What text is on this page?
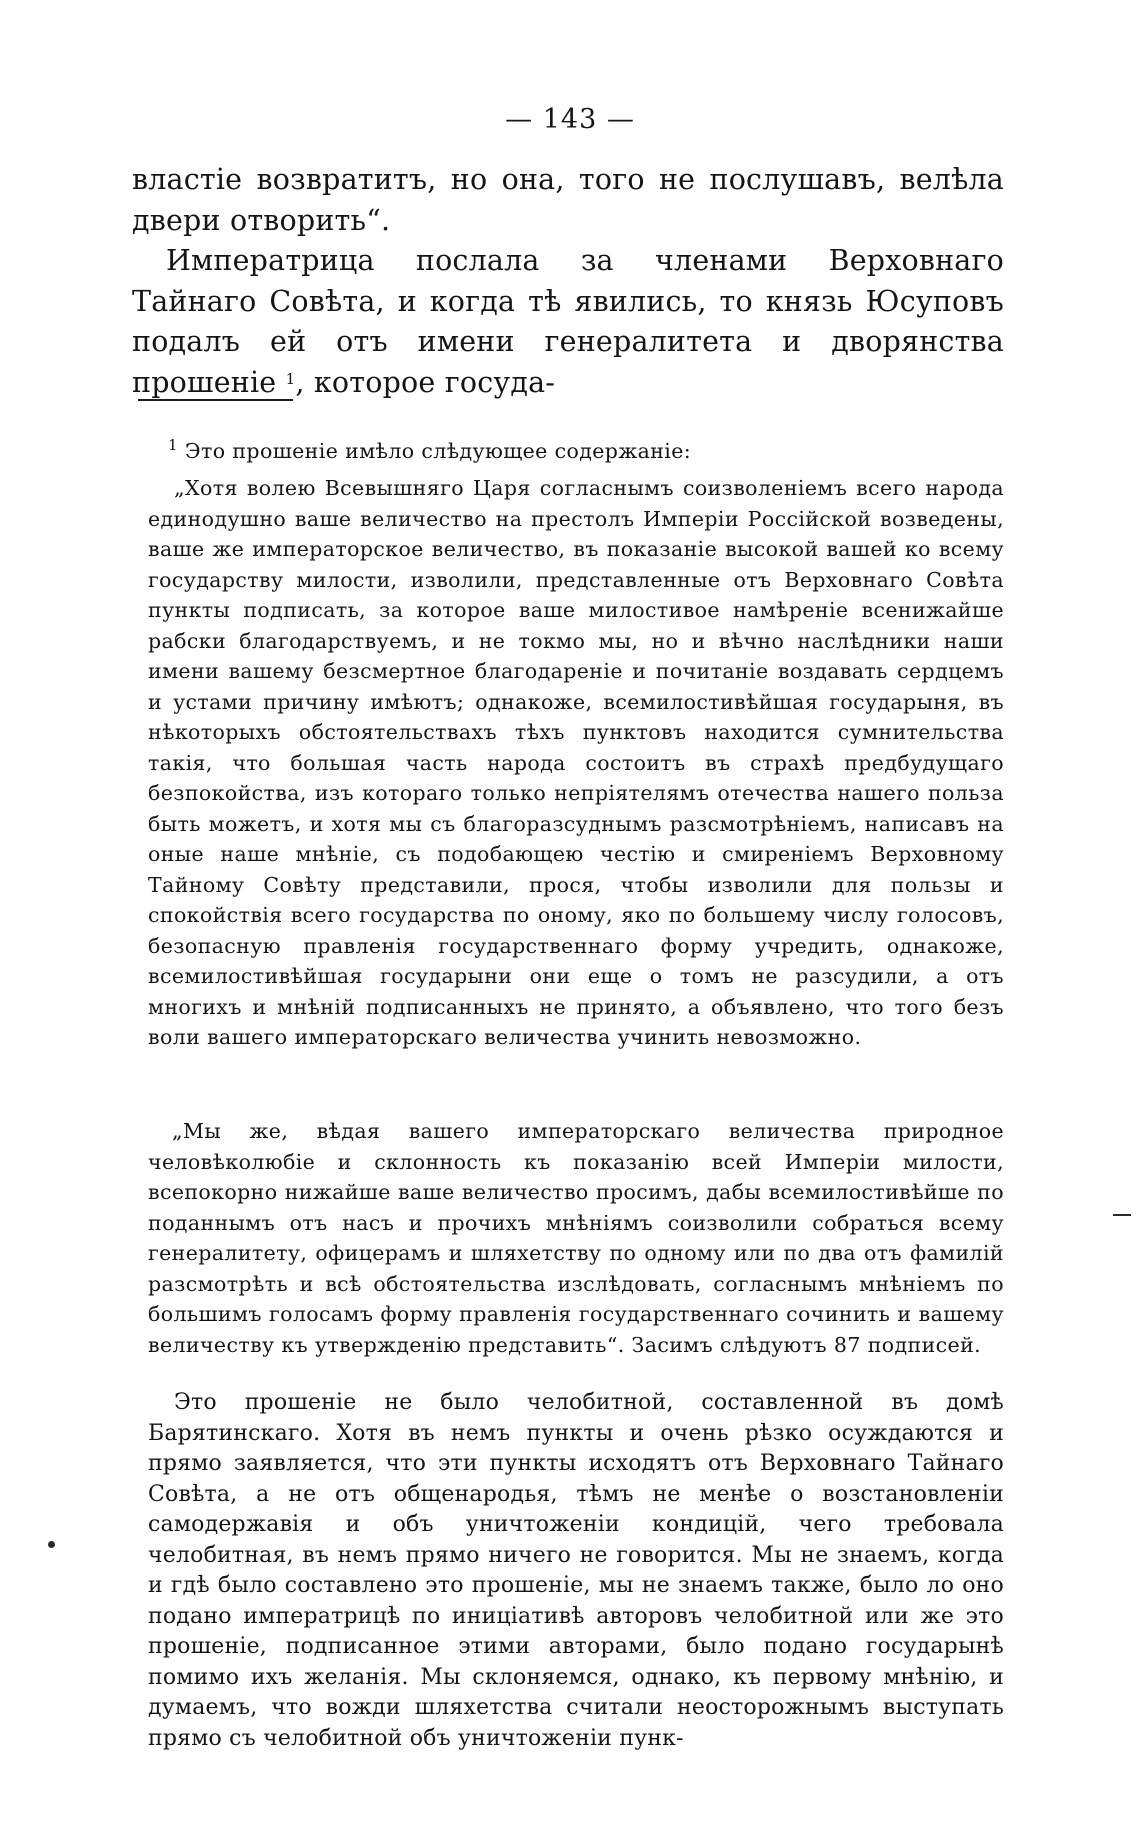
— 143 —

властіе возвратитъ, но она, того не послушавъ, велѣла двери отворить“.

Императрица послала за членами Верховнаго Тайнаго Совѣта, и когда тѣ явились, то князь Юсуповъ подалъ ей отъ имени генералитета и дворянства прошеніе $^1$, которое госуда-

$^1$ Это прошеніе имѣло слѣдующее содержаніе:

„Хотя волею Всевышняго Царя согласнымъ соизволеніемъ всего народа единодушно ваше величество на престолъ Имперіи Россійской возведены, ваше же императорское величество, въ показаніе высокой вашей ко всему государству милости, изволили, представленные отъ Верховнаго Совѣта пункты подписать, за которое ваше милостивое намѣреніе всенижайше рабски благодарствуемъ, и не токмо мы, но и вѣчно наслѣдники наши имени вашему безсмертное благодареніе и почитаніе воздавать сердцемъ и устами причину имѣютъ; однакоже, всемилостивѣйшая государыня, въ нѣкоторыхъ обстоятельствахъ тѣхъ пунктовъ находится сумнительства такія, что большая часть народа состоитъ въ страхѣ предбудущаго безпокойства, изъ котораго только непріятелямъ отечества нашего польза быть можетъ, и хотя мы съ благоразсуднымъ разсмотрѣніемъ, написавъ на оные наше мнѣніе, съ подобающею честію и смиреніемъ Верховному Тайному Совѣту представили, прося, чтобы изволили для пользы и спокойствія всего государства по оному, яко по большему числу голосовъ, безопасную правленія государственнаго форму учредить, однакоже, всемилостивѣйшая государыни они еще о томъ не разсудили, а отъ многихъ и мнѣній подписанныхъ не принято, а объявлено, что того безъ воли вашего императорскаго величества учинить невозможно.

„Мы же, вѣдая вашего императорскаго величества природное человѣколюбіе и склонность къ показанію всей Имперіи милости, всепокорно нижайше ваше величество просимъ, дабы всемилостивѣйше по поданнымъ отъ насъ и прочихъ мнѣніямъ соизволили собраться всему генералитету, офицерамъ и шляхетству по одному или по два отъ фамилій разсмотрѣть и всѣ обстоятельства изслѣдовать, согласнымъ мнѣніемъ по большимъ голосамъ форму правленія государственнаго сочинить и вашему величеству къ утвержденію представить“. Засимъ слѣдуютъ 87 подписей.

Это прошеніе не было челобитной, составленной въ домѣ Барятинскаго. Хотя въ немъ пункты и очень рѣзко осуждаются и прямо заявляется, что эти пункты исходятъ отъ Верховнаго Тайнаго Совѣта, а не отъ общенародья, тѣмъ не менѣе о возстановленіи самодержавія и объ уничтоженіи кондицій, чего требовала челобитная, въ немъ прямо ничего не говорится. Мы не знаемъ, когда и гдѣ было составлено это прошеніе, мы не знаемъ также, было ло оно подано императрицѣ по иниціативѣ авторовъ челобитной или же это прошеніе, подписанное этими авторами, было подано государынѣ помимо ихъ желанія. Мы склоняемся, однако, къ первому мнѣнію, и думаемъ, что вожди шляхетства считали неосторожнымъ выступать прямо съ челобитной объ уничтоженіи пунк-
